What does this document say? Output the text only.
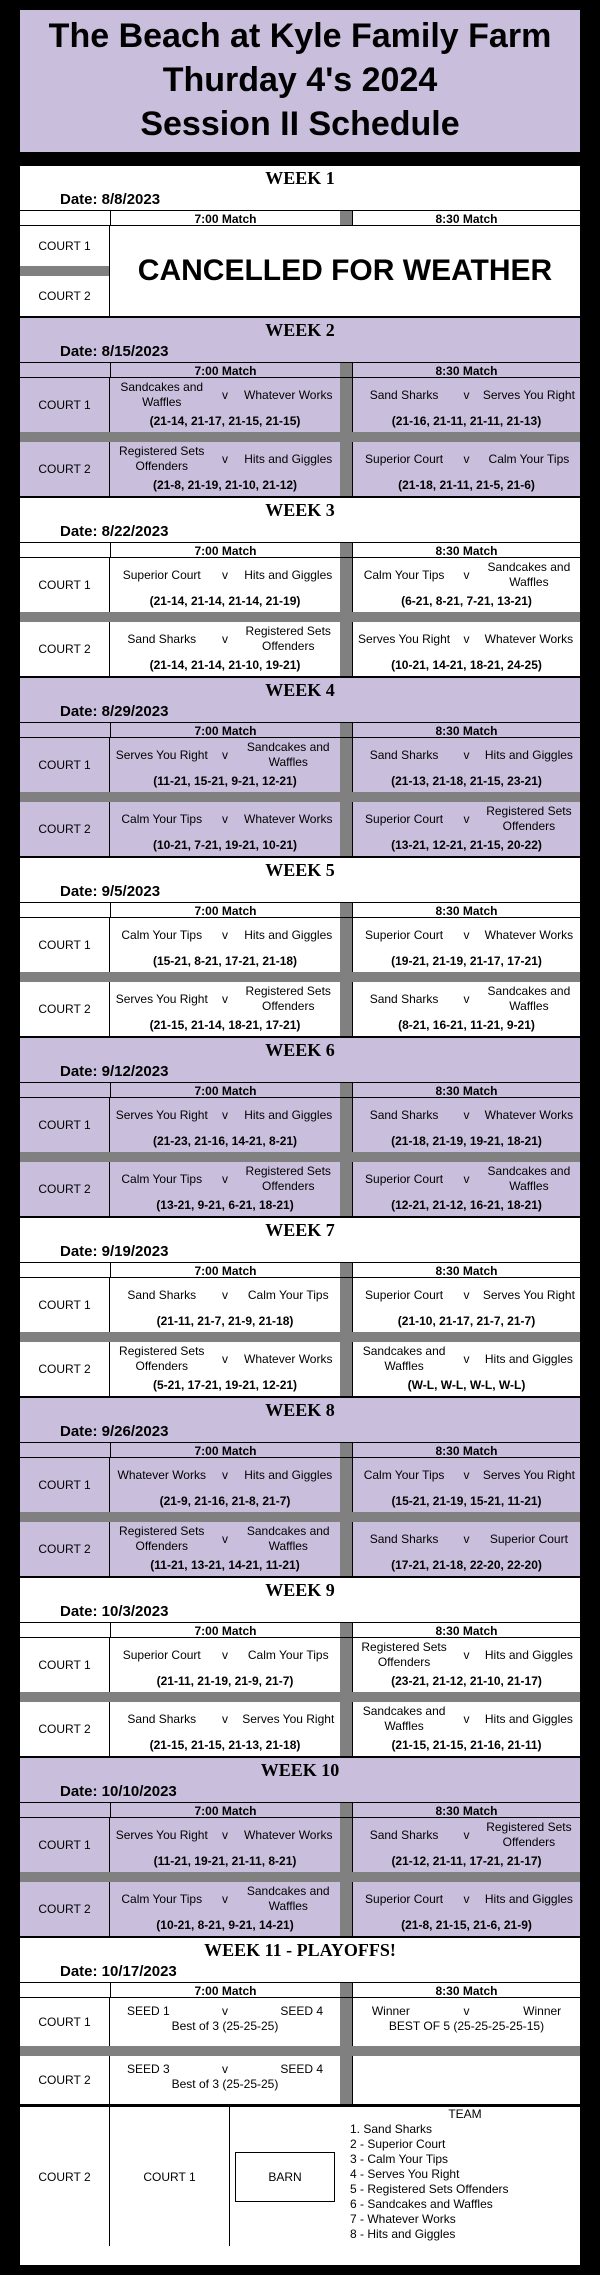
The Beach at Kyle Family Farm
Thurday 4's 2024
Session II Schedule
WEEK 1
Date: 8/8/2023
7:00 Match	8:30 Match
COURT 1
COURT 2
CANCELLED FOR WEATHER
WEEK 2
Date: 8/15/2023
7:00 Match	8:30 Match
COURT 1
Sandcakes and Waffles	v	Whatever Works
(21-14, 21-17, 21-15, 21-15)
Sand Sharks	v	Serves You Right
(21-16, 21-11, 21-11, 21-13)
COURT 2
Registered Sets Offenders	v	Hits and Giggles
(21-8, 21-19, 21-10, 21-12)
Superior Court	v	Calm Your Tips
(21-18, 21-11, 21-5, 21-6)
WEEK 3
Date: 8/22/2023
7:00 Match	8:30 Match
COURT 1
Superior Court	v	Hits and Giggles
(21-14, 21-14, 21-14, 21-19)
Calm Your Tips	v
Sandcakes and Waffles
(6-21, 8-21, 7-21, 13-21)
COURT 2
Sand Sharks	v
Registered Sets Offenders
(21-14, 21-14, 21-10, 19-21)
Serves You Right	v	Whatever Works
(10-21, 14-21, 18-21, 24-25)
WEEK 4
Date: 8/29/2023
7:00 Match	8:30 Match
COURT 1
Serves You Right	v
Sandcakes and Waffles
(11-21, 15-21, 9-21, 12-21)
Sand Sharks	v	Hits and Giggles
(21-13, 21-18, 21-15, 23-21)
COURT 2
Calm Your Tips	v	Whatever Works
(10-21, 7-21, 19-21, 10-21)
Superior Court	v
Registered Sets Offenders
(13-21, 12-21, 21-15, 20-22)
WEEK 5
Date: 9/5/2023
7:00 Match	8:30 Match
COURT 1
Calm Your Tips	v	Hits and Giggles
(15-21, 8-21, 17-21, 21-18)
Superior Court	v	Whatever Works
(19-21, 21-19, 21-17, 17-21)
COURT 2
Serves You Right	v
Registered Sets Offenders
(21-15, 21-14, 18-21, 17-21)
Sand Sharks	v
Sandcakes and Waffles
(8-21, 16-21, 11-21, 9-21)
WEEK 6
Date: 9/12/2023
7:00 Match	8:30 Match
COURT 1
Serves You Right	v	Hits and Giggles
(21-23, 21-16, 14-21, 8-21)
Sand Sharks	v	Whatever Works
(21-18, 21-19, 19-21, 18-21)
COURT 2
Calm Your Tips	v
Registered Sets Offenders
(13-21, 9-21, 6-21, 18-21)
Superior Court	v
Sandcakes and Waffles
(12-21, 21-12, 16-21, 18-21)
WEEK 7
Date: 9/19/2023
7:00 Match	8:30 Match
COURT 1
Sand Sharks	v	Calm Your Tips
(21-11, 21-7, 21-9, 21-18)
Superior Court	v	Serves You Right
(21-10, 21-17, 21-7, 21-7)
COURT 2
Registered Sets Offenders	v	Whatever Works
(5-21, 17-21, 19-21, 12-21)
Sandcakes and Waffles	v	Hits and Giggles
(W-L, W-L, W-L, W-L)
WEEK 8
Date: 9/26/2023
7:00 Match	8:30 Match
COURT 1
Whatever Works	v	Hits and Giggles
(21-9, 21-16, 21-8, 21-7)
Calm Your Tips	v	Serves You Right
(15-21, 21-19, 15-21, 11-21)
COURT 2
Registered Sets Offenders	v
Sandcakes and Waffles
(11-21, 13-21, 14-21, 11-21)
Sand Sharks	v	Superior Court
(17-21, 21-18, 22-20, 22-20)
WEEK 9
Date: 10/3/2023
7:00 Match	8:30 Match
COURT 1
Superior Court	v	Calm Your Tips
(21-11, 21-19, 21-9, 21-7)
Registered Sets Offenders	v	Hits and Giggles
(23-21, 21-12, 21-10, 21-17)
COURT 2
Sand Sharks	v	Serves You Right
(21-15, 21-15, 21-13, 21-18)
Sandcakes and Waffles	v	Hits and Giggles
(21-15, 21-15, 21-16, 21-11)
WEEK 10
Date: 10/10/2023
7:00 Match	8:30 Match
COURT 1
Serves You Right	v	Whatever Works
(11-21, 19-21, 21-11, 8-21)
Sand Sharks	v
Registered Sets Offenders
(21-12, 21-11, 17-21, 21-17)
COURT 2
Calm Your Tips	v
Sandcakes and Waffles
(10-21, 8-21, 9-21, 14-21)
Superior Court	v	Hits and Giggles
(21-8, 21-15, 21-6, 21-9)
WEEK 11 - PLAYOFFS!
Date: 10/17/2023
7:00 Match	8:30 Match
COURT 1
SEED 1	v	SEED 4
Best of 3 (25-25-25)
Winner	v	Winner
BEST OF 5 (25-25-25-25-15)
COURT 2
SEED 3	v	SEED 4
Best of 3 (25-25-25)
COURT 2	COURT 1	BARN
TEAM
1. Sand Sharks
2 - Superior Court
3 - Calm Your Tips
4 - Serves You Right
5 - Registered Sets Offenders
6 - Sandcakes and Waffles
7 - Whatever Works
8 - Hits and Giggles
